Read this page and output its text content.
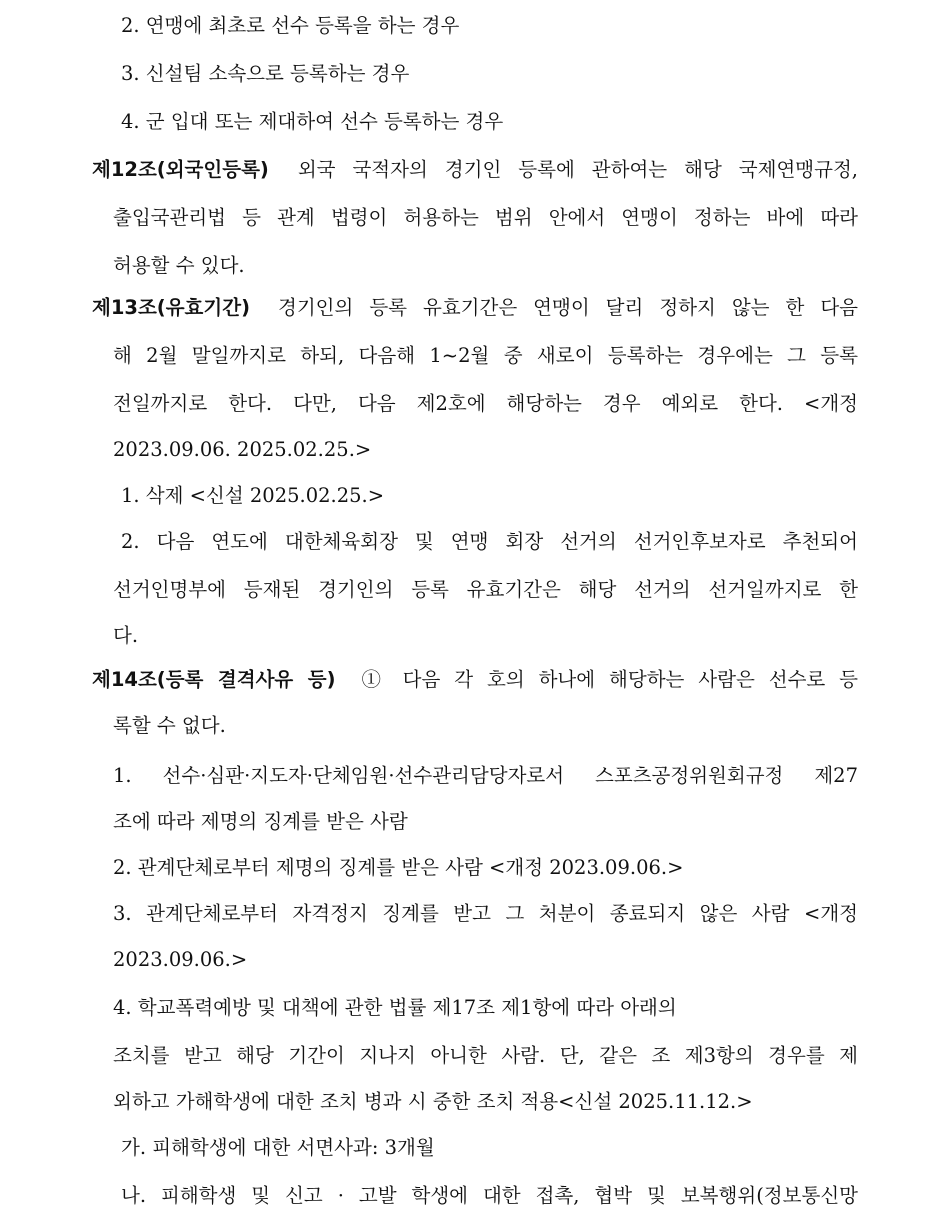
2. 연맹에 최초로 선수 등록을 하는 경우
3. 신설팀 소속으로 등록하는 경우
4. 군 입대 또는 제대하여 선수 등록하는 경우
제12조(외국인등록) 외국 국적자의 경기인 등록에 관하여는 해당 국제연맹규정,
출입국관리법 등 관계 법령이 허용하는 범위 안에서 연맹이 정하는 바에 따라
허용할 수 있다.
제13조(유효기간) 경기인의 등록 유효기간은 연맹이 달리 정하지 않는 한 다음
해 2월 말일까지로 하되, 다음해 1~2월 중 새로이 등록하는 경우에는 그 등록
전일까지로 한다. 다만, 다음 제2호에 해당하는 경우 예외로 한다. <개정
2023.09.06. 2025.02.25.>
1. 삭제 <신설 2025.02.25.>
2. 다음 연도에 대한체육회장 및 연맹 회장 선거의 선거인후보자로 추천되어
선거인명부에 등재된 경기인의 등록 유효기간은 해당 선거의 선거일까지로 한
다.
제14조(등록 결격사유 등) ① 다음 각 호의 하나에 해당하는 사람은 선수로 등
록할 수 없다.
1. 선수·심판·지도자·단체임원·선수관리담당자로서 스포츠공정위원회규정 제27
조에 따라 제명의 징계를 받은 사람
2. 관계단체로부터 제명의 징계를 받은 사람 <개정 2023.09.06.>
3. 관계단체로부터 자격정지 징계를 받고 그 처분이 종료되지 않은 사람 <개정
2023.09.06.>
4. 학교폭력예방 및 대책에 관한 법률 제17조 제1항에 따라 아래의
조치를 받고 해당 기간이 지나지 아니한 사람. 단, 같은 조 제3항의 경우를 제
외하고 가해학생에 대한 조치 병과 시 중한 조치 적용<신설 2025.11.12.>
가. 피해학생에 대한 서면사과: 3개월
나. 피해학생 및 신고 · 고발 학생에 대한 접촉, 협박 및 보복행위(정보통신망
